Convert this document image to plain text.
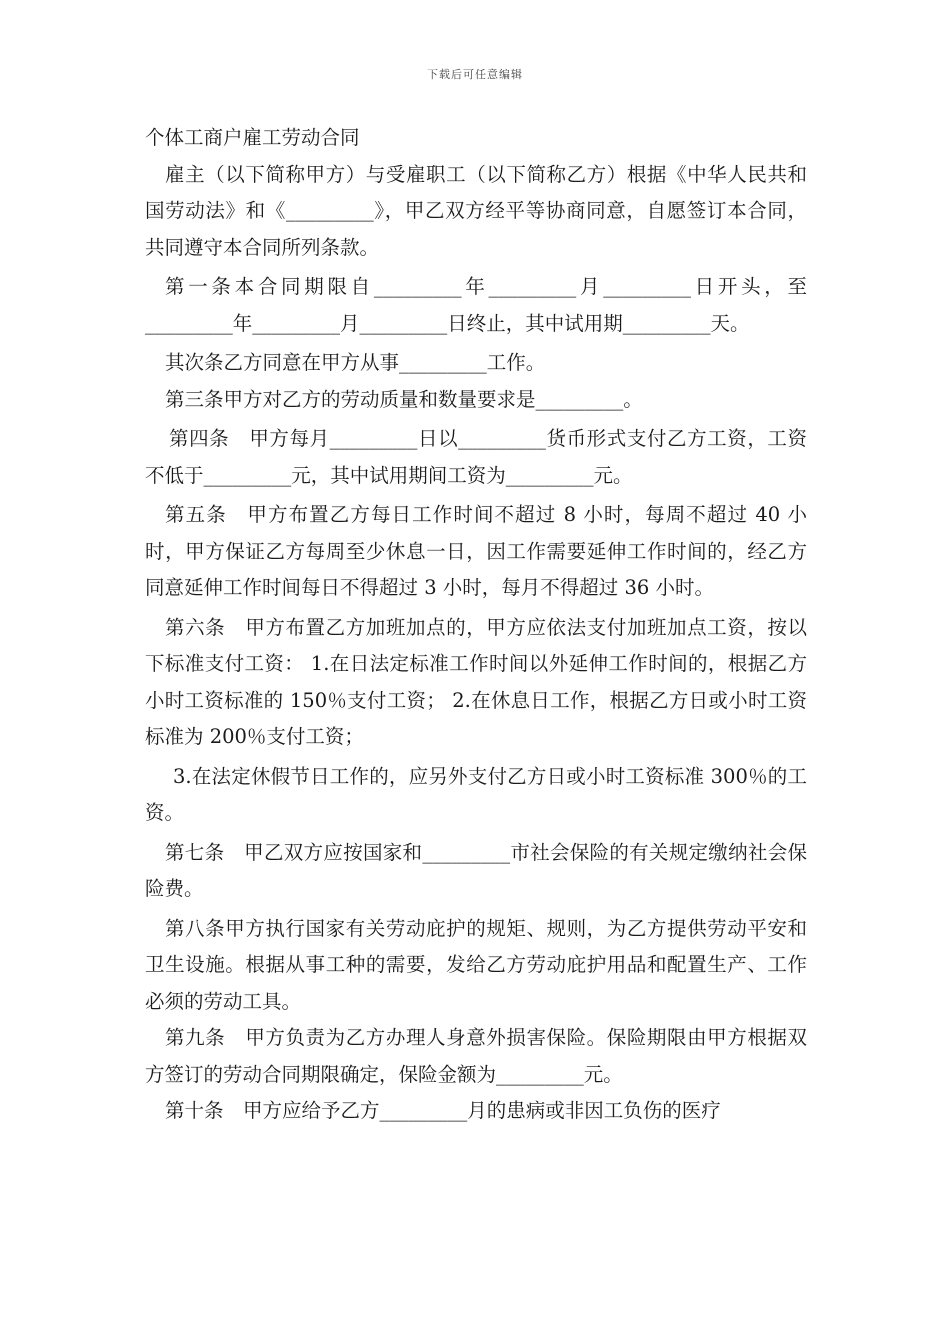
下载后可任意编辑
个体工商户雇工劳动合同

雇主（以下简称甲方）与受雇职工（以下简称乙方）根据《中华人民共和国劳动法》和《_________》，甲乙双方经平等协商同意，自愿签订本合同，共同遵守本合同所列条款。

第一条本合同期限自_________年_________月_________日开头，至_________年_________月_________日终止，其中试用期_________天。

其次条乙方同意在甲方从事_________工作。

第三条甲方对乙方的劳动质量和数量要求是_________。

第四条　甲方每月_________日以_________货币形式支付乙方工资，工资不低于_________元，其中试用期间工资为_________元。

第五条　甲方布置乙方每日工作时间不超过 8 小时，每周不超过 40 小时，甲方保证乙方每周至少休息一日，因工作需要延伸工作时间的，经乙方同意延伸工作时间每日不得超过 3 小时，每月不得超过 36 小时。

第六条　甲方布置乙方加班加点的，甲方应依法支付加班加点工资，按以下标准支付工资： 1.在日法定标准工作时间以外延伸工作时间的，根据乙方小时工资标准的 150％支付工资； 2.在休息日工作，根据乙方日或小时工资标准为 200％支付工资；

3.在法定休假节日工作的，应另外支付乙方日或小时工资标准 300％的工资。

第七条　甲乙双方应按国家和_________市社会保险的有关规定缴纳社会保险费。

第八条甲方执行国家有关劳动庇护的规矩、规则，为乙方提供劳动平安和卫生设施。根据从事工种的需要，发给乙方劳动庇护用品和配置生产、工作必须的劳动工具。

第九条　甲方负责为乙方办理人身意外损害保险。保险期限由甲方根据双方签订的劳动合同期限确定，保险金额为_________元。

第十条　甲方应给予乙方_________月的患病或非因工负伤的医疗
